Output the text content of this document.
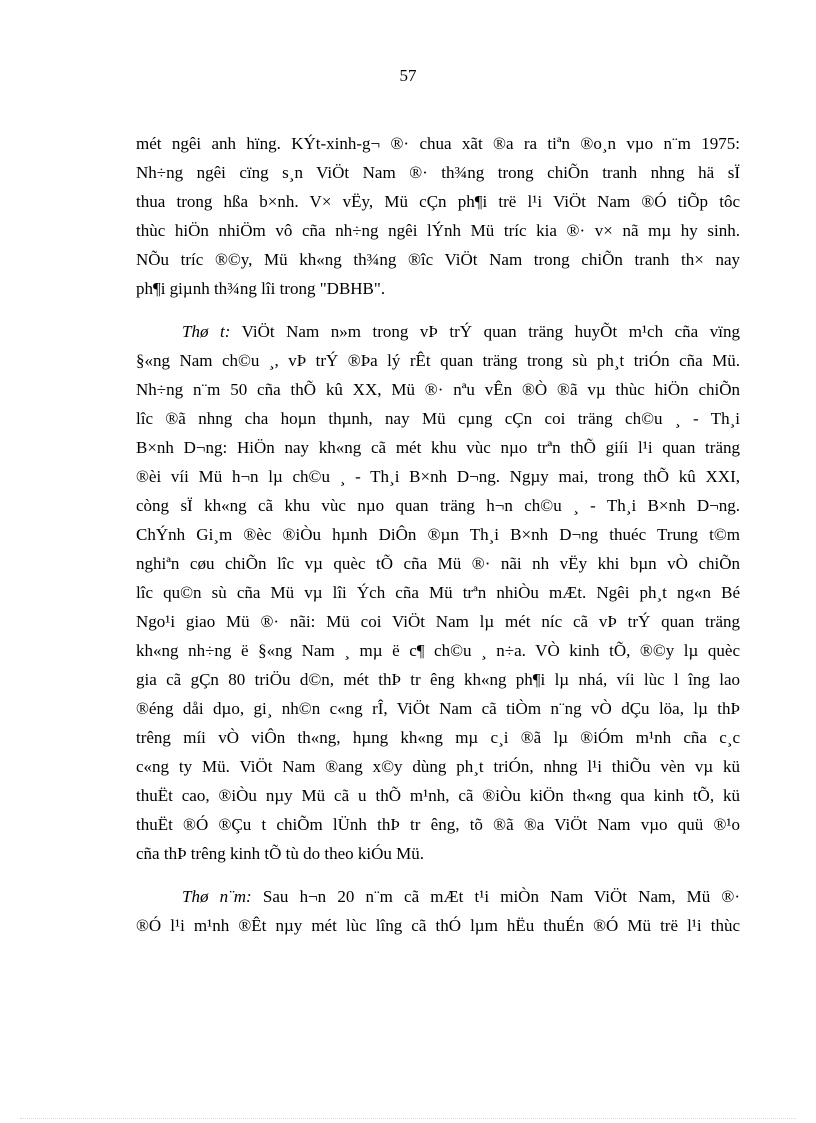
57
mét ngêi anh hïng. KÝt-xinh-g¬ ®· chua xãt ®a ra tiªn ®o¸n vµo n¨m 1975:
Nh÷ng ngêi cïng s¸n ViÖt Nam ®· th¾ng trong chiÕn tranh nhng hä sÏ
thua trong hßa b×nh. V× vËy, Mü cÇn ph¶i trë l¹i ViÖt Nam ®Ó tiÕp tôc
thùc hiÖn nhiÖm vô cña nh÷ng ngêi lÝnh Mü tríc kia ®· v× nã mµ hy sinh.
NÕu tríc ®©y, Mü kh«ng th¾ng ®îc ViÖt Nam trong chiÕn tranh th× nay
ph¶i giµnh th¾ng lîi trong "DBHB".
Thø t: ViÖt Nam n»m trong vÞ trÝ quan träng huyÕt m¹ch cña vïng
§«ng Nam ch©u ¸, vÞ trÝ ®Þa lý rÊt quan träng trong sù ph¸t triÓn cña Mü.
Nh÷ng n¨m 50 cña thÕ kû XX, Mü ®· nªu vÊn ®Ò ®ã vµ thùc hiÖn chiÕn
lîc ®ã nhng cha hoµn thµnh, nay Mü cµng cÇn coi träng ch©u ¸ - Th¸i
B×nh D¬ng: HiÖn nay kh«ng cã mét khu vùc nµo trªn thÕ giíi l¹i quan träng
®èi víi Mü h¬n lµ ch©u ¸ - Th¸i B×nh D¬ng. Ngµy mai, trong thÕ kû XXI,
còng sÏ kh«ng cã khu vùc nµo quan träng h¬n ch©u ¸ - Th¸i B×nh D¬ng.
ChÝnh Gi¸m ®èc ®iÒu hµnh DiÔn ®µn Th¸i B×nh D¬ng thuéc Trung t©m
nghiªn cøu chiÕn lîc vµ quèc tÕ cña Mü ®· nãi nh vËy khi bµn vÒ chiÕn
lîc qu©n sù cña Mü vµ lîi Ých cña Mü trªn nhiÒu mÆt. Ngêi ph¸t ng«n Bé
Ngo¹i giao Mü ®· nãi: Mü coi ViÖt Nam lµ mét níc cã vÞ trÝ quan träng
kh«ng nh÷ng ë §«ng Nam ¸ mµ ë c¶ ch©u ¸ n÷a. VÒ kinh tÕ, ®©y lµ quèc
gia cã gÇn 80 triÖu d©n, mét thÞ tr êng kh«ng ph¶i lµ nhá, víi lùc l îng lao
®éng dåi dµo, gi¸ nh©n c«ng rÎ, ViÖt Nam cã tiÒm n¨ng vÒ dÇu löa, lµ thÞ
trêng míi vÒ viÔn th«ng, hµng kh«ng mµ c¸i ®ã lµ ®iÓm m¹nh cña c¸c
c«ng ty Mü. ViÖt Nam ®ang x©y dùng ph¸t triÓn, nhng l¹i thiÕu vèn vµ kü
thuËt cao, ®iÒu nµy Mü cã u thÕ m¹nh, cã ®iÒu kiÖn th«ng qua kinh tÕ, kü
thuËt ®Ó ®Çu t chiÕm lÜnh thÞ tr êng, tõ ®ã ®a ViÖt Nam vµo quü ®¹o
cña thÞ trêng kinh tÕ tù do theo kiÓu Mü.
Thø n¨m: Sau h¬n 20 n¨m cã mÆt t¹i miÒn Nam ViÖt Nam, Mü ®·
®Ó l¹i m¹nh ®Êt nµy mét lùc lîng cã thÓ lµm hËu thuÉn ®Ó Mü trë l¹i thùc
